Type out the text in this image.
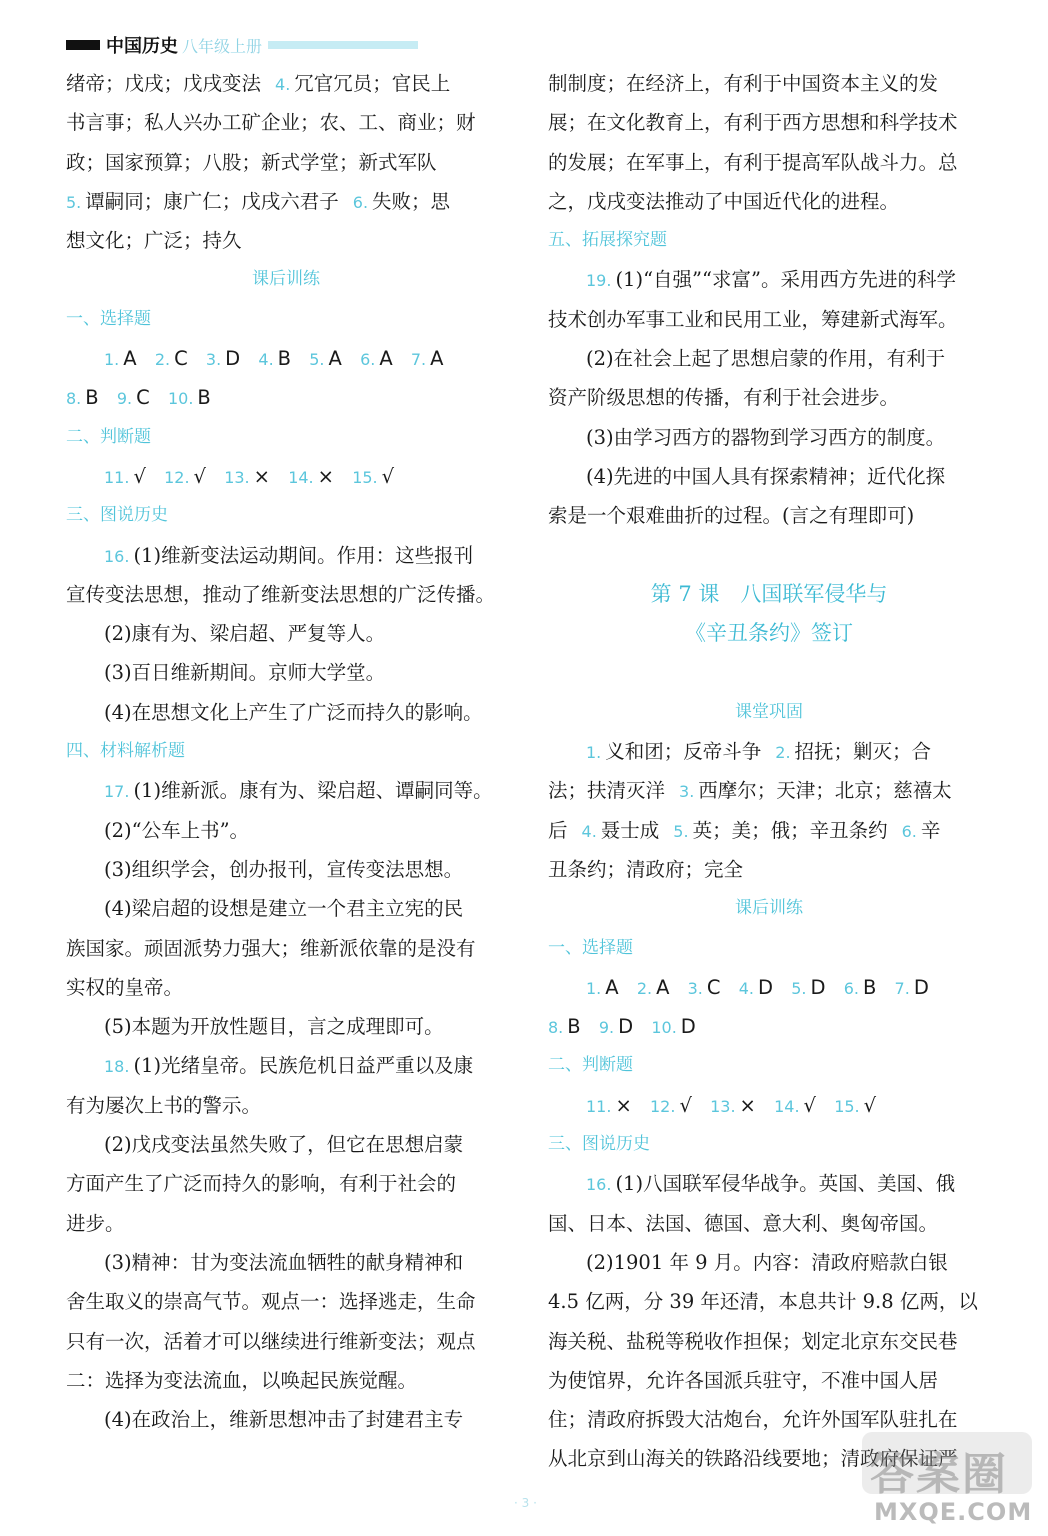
中国历史 八年级上册
绪帝；戊戌；戊戌变法 4. 冗官冗员；官民上
书言事；私人兴办工矿企业；农、工、商业；财
政；国家预算；八股；新式学堂；新式军队
5. 谭嗣同；康广仁；戊戌六君子 6. 失败；思
想文化；广泛；持久
课后训练
一、选择题
1. A 2. C 3. D 4. B 5. A 6. A 7. A
8. B 9. C 10. B
二、判断题
11. √ 12. √ 13. × 14. × 15. √
三、图说历史
16. (1)维新变法运动期间。作用：这些报刊
宣传变法思想，推动了维新变法思想的广泛传播。
(2)康有为、梁启超、严复等人。
(3)百日维新期间。京师大学堂。
(4)在思想文化上产生了广泛而持久的影响。
四、材料解析题
17. (1)维新派。康有为、梁启超、谭嗣同等。
(2)“公车上书”。
(3)组织学会，创办报刊，宣传变法思想。
(4)梁启超的设想是建立一个君主立宪的民
族国家。顽固派势力强大；维新派依靠的是没有
实权的皇帝。
(5)本题为开放性题目，言之成理即可。
18. (1)光绪皇帝。民族危机日益严重以及康
有为屡次上书的警示。
(2)戊戌变法虽然失败了，但它在思想启蒙
方面产生了广泛而持久的影响，有利于社会的
进步。
(3)精神：甘为变法流血牺牲的献身精神和
舍生取义的崇高气节。观点一：选择逃走，生命
只有一次，活着才可以继续进行维新变法；观点
二：选择为变法流血，以唤起民族觉醒。
(4)在政治上，维新思想冲击了封建君主专
制制度；在经济上，有利于中国资本主义的发
展；在文化教育上，有利于西方思想和科学技术
的发展；在军事上，有利于提高军队战斗力。总
之，戊戌变法推动了中国近代化的进程。
五、拓展探究题
19. (1)“自强”“求富”。采用西方先进的科学
技术创办军事工业和民用工业，筹建新式海军。
(2)在社会上起了思想启蒙的作用，有利于
资产阶级思想的传播，有利于社会进步。
(3)由学习西方的器物到学习西方的制度。
(4)先进的中国人具有探索精神；近代化探
索是一个艰难曲折的过程。(言之有理即可)
第 7 课　八国联军侵华与
《辛丑条约》签订
课堂巩固
1. 义和团；反帝斗争 2. 招抚；剿灭；合
法；扶清灭洋 3. 西摩尔；天津；北京；慈禧太
后 4. 聂士成 5. 英；美；俄；辛丑条约 6. 辛
丑条约；清政府；完全
课后训练
一、选择题
1. A 2. A 3. C 4. D 5. D 6. B 7. D
8. B 9. D 10. D
二、判断题
11. × 12. √ 13. × 14. √ 15. √
三、图说历史
16. (1)八国联军侵华战争。英国、美国、俄
国、日本、法国、德国、意大利、奥匈帝国。
(2)1901 年 9 月。内容：清政府赔款白银
4.5 亿两，分 39 年还清，本息共计 9.8 亿两，以
海关税、盐税等税收作担保；划定北京东交民巷
为使馆界，允许各国派兵驻守，不准中国人居
住；清政府拆毁大沽炮台，允许外国军队驻扎在
从北京到山海关的铁路沿线要地；清政府保证严
· 3 ·
答案圈
MXQE.COM
